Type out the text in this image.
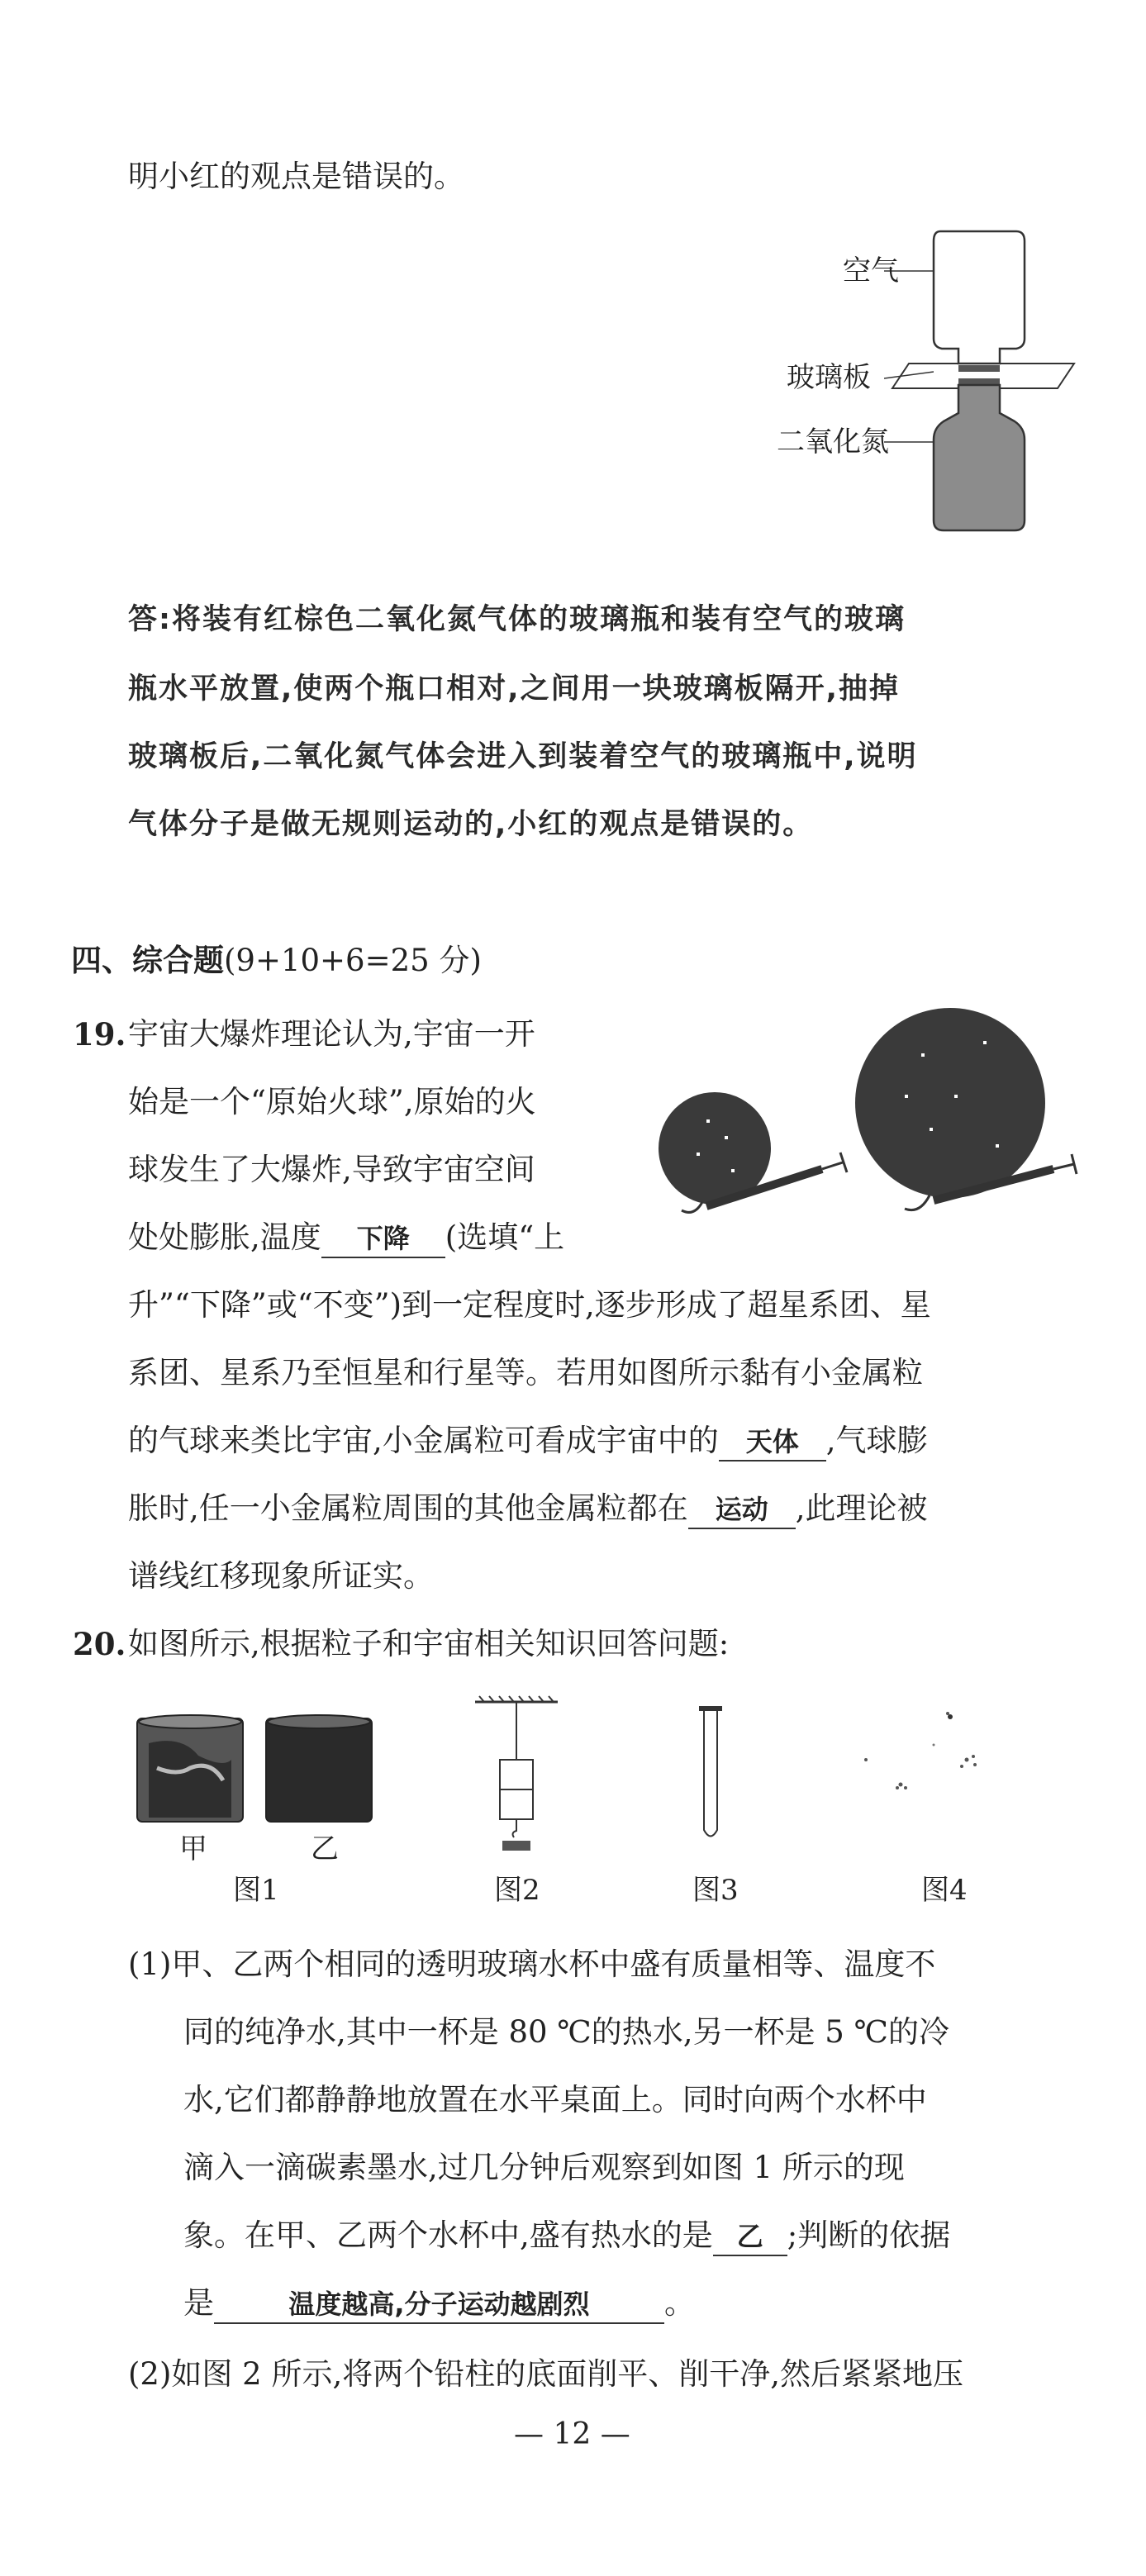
明小红的观点是错误的。
空气
玻璃板
二氧化氮
答:将装有红棕色二氧化氮气体的玻璃瓶和装有空气的玻璃
瓶水平放置,使两个瓶口相对,之间用一块玻璃板隔开,抽掉
玻璃板后,二氧化氮气体会进入到装着空气的玻璃瓶中,说明
气体分子是做无规则运动的,小红的观点是错误的。
四、综合题(9+10+6=25 分)
19. 宇宙大爆炸理论认为,宇宙一开
始是一个“原始火球”,原始的火
球发生了大爆炸,导致宇宙空间
处处膨胀,温度 下降 (选填“上
升”“下降”或“不变”)到一定程度时,逐步形成了超星系团、星
系团、星系乃至恒星和行星等。若用如图所示黏有小金属粒
的气球来类比宇宙,小金属粒可看成宇宙中的 天体 ,气球膨
胀时,任一小金属粒周围的其他金属粒都在 运动 ,此理论被
谱线红移现象所证实。
20. 如图所示,根据粒子和宇宙相关知识回答问题:
甲	乙
图1	图2	图3	图4
(1)甲、乙两个相同的透明玻璃水杯中盛有质量相等、温度不
同的纯净水,其中一杯是 80 ℃的热水,另一杯是 5 ℃的冷
水,它们都静静地放置在水平桌面上。同时向两个水杯中
滴入一滴碳素墨水,过几分钟后观察到如图 1 所示的现
象。在甲、乙两个水杯中,盛有热水的是 乙 ;判断的依据
是	温度越高,分子运动越剧烈 。
(2)如图 2 所示,将两个铅柱的底面削平、削干净,然后紧紧地压
— 12 —
